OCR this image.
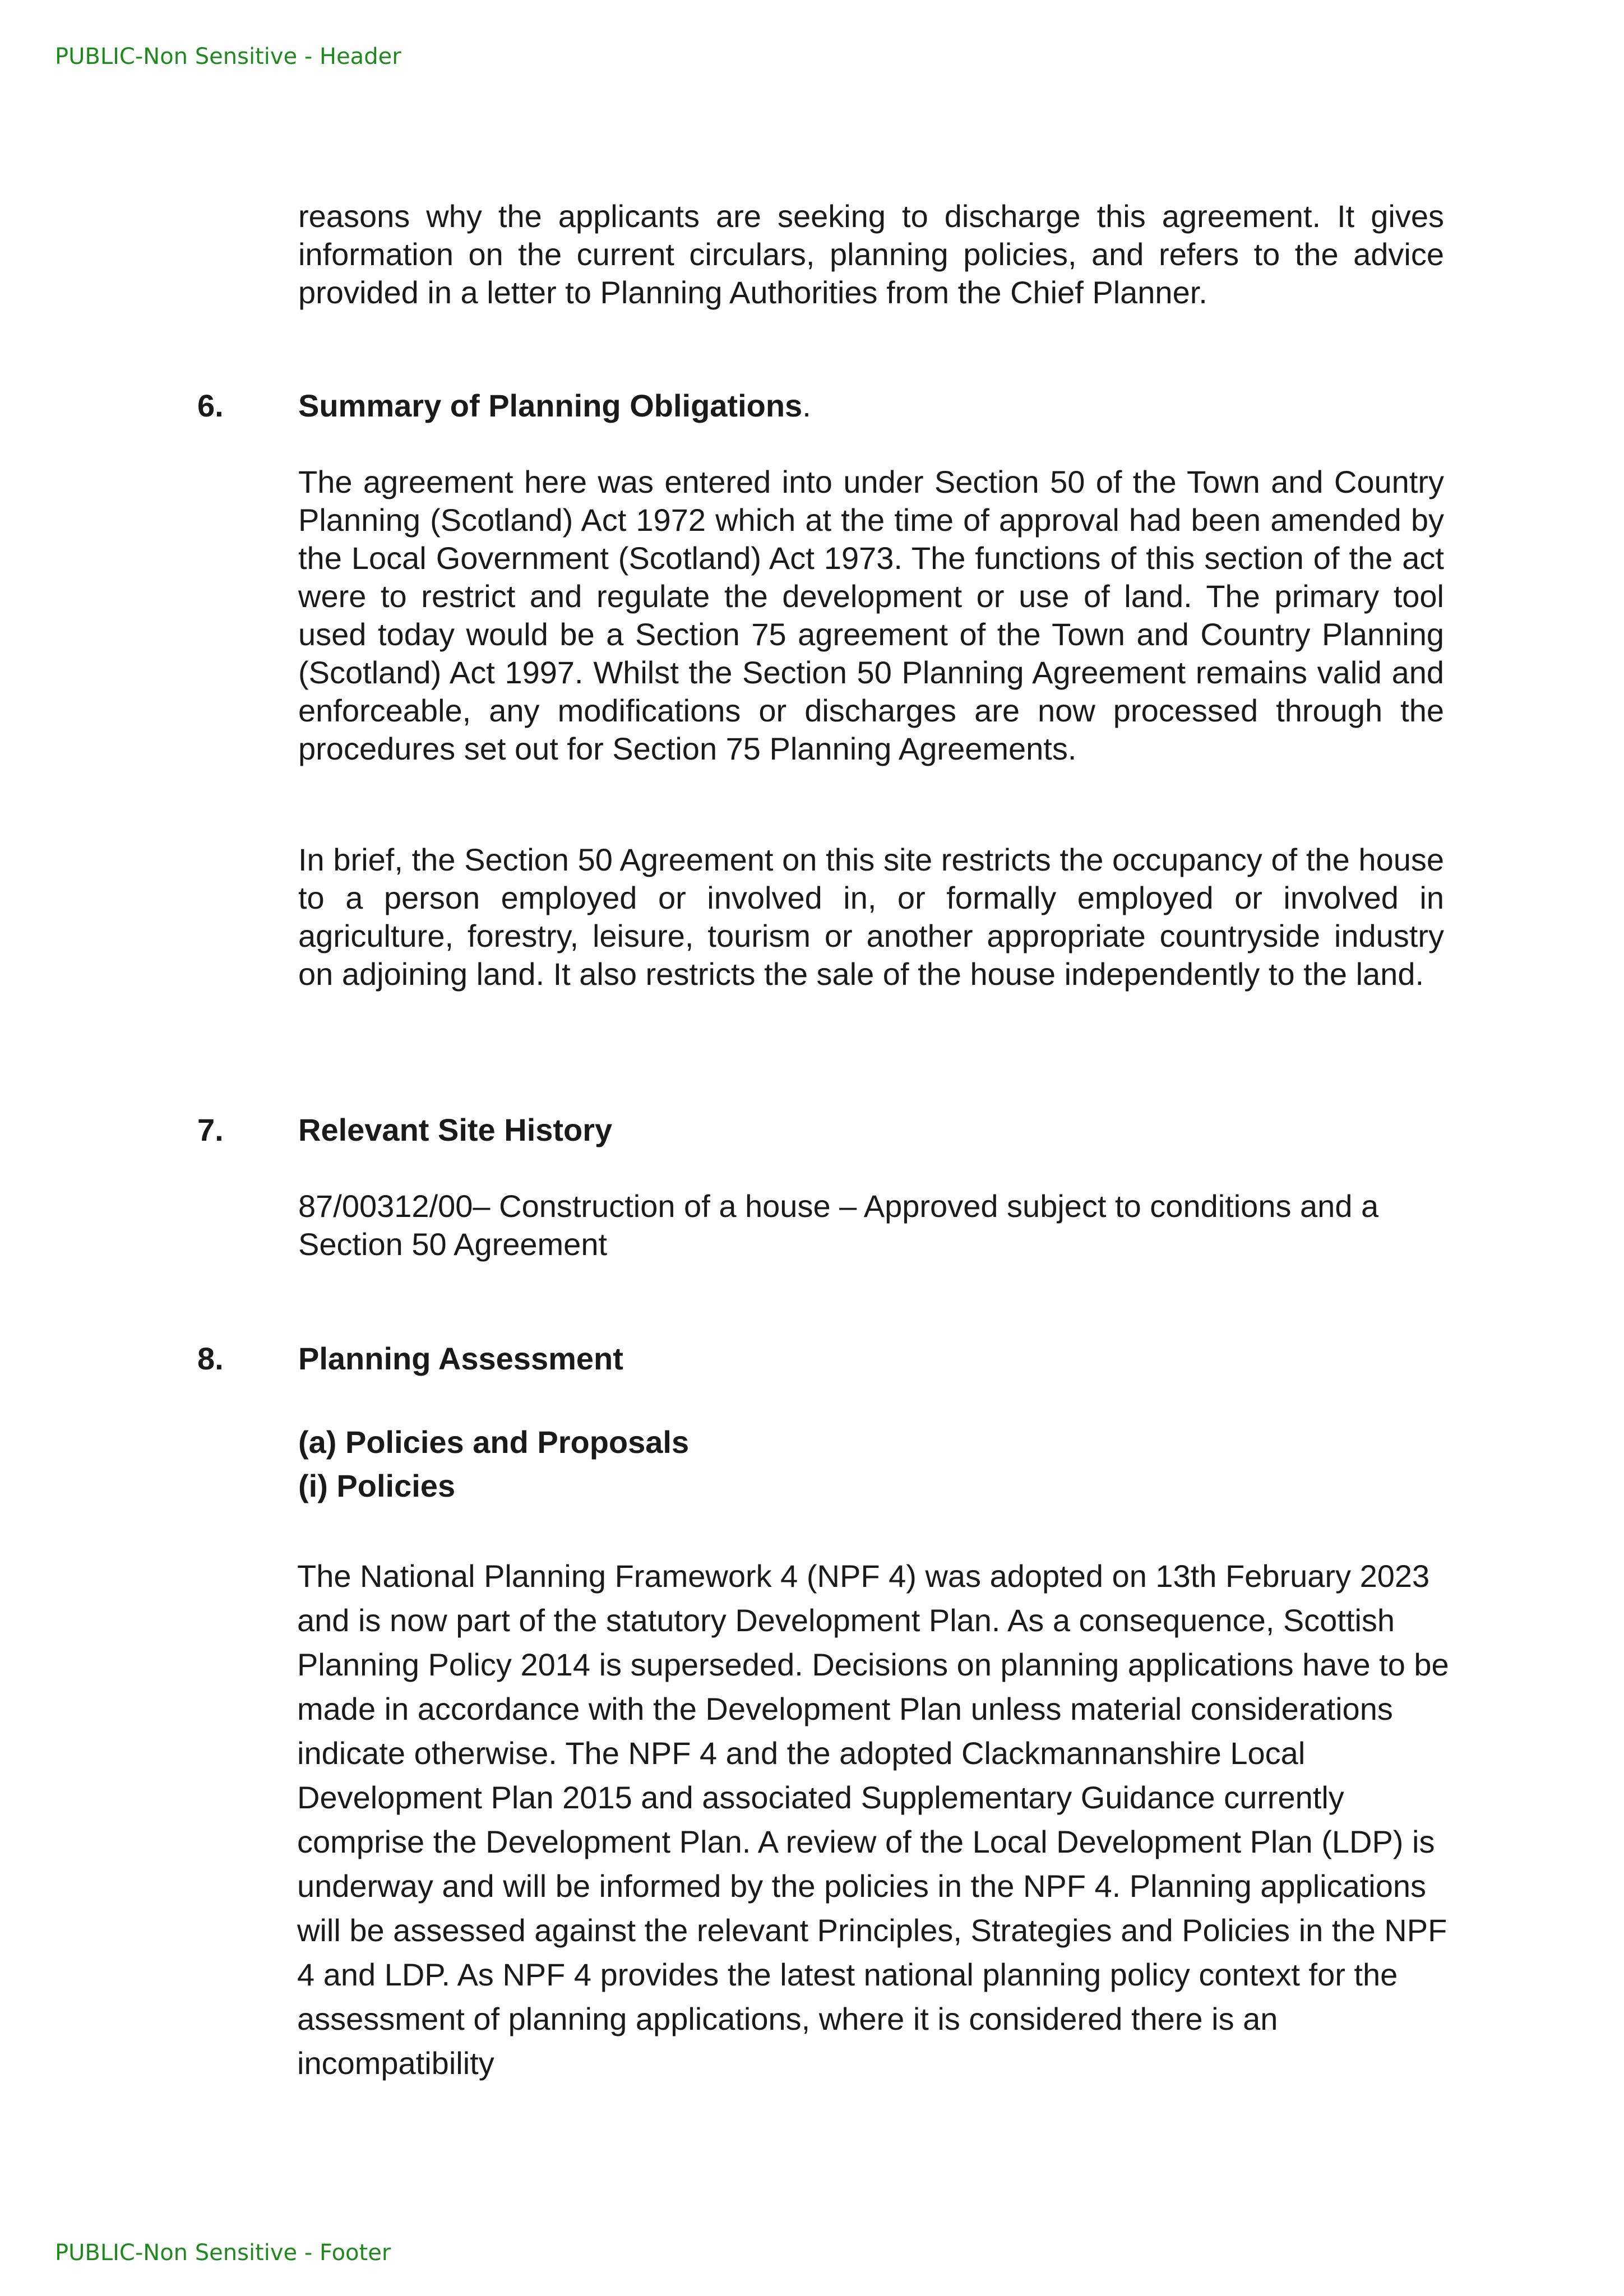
PUBLIC-Non Sensitive - Header

reasons why the applicants are seeking to discharge this agreement. It gives information on the current circulars, planning policies, and refers to the advice provided in a letter to Planning Authorities from the Chief Planner.

6. Summary of Planning Obligations.

The agreement here was entered into under Section 50 of the Town and Country Planning (Scotland) Act 1972 which at the time of approval had been amended by the Local Government (Scotland) Act 1973. The functions of this section of the act were to restrict and regulate the development or use of land. The primary tool used today would be a Section 75 agreement of the Town and Country Planning (Scotland) Act 1997. Whilst the Section 50 Planning Agreement remains valid and enforceable, any modifications or discharges are now processed through the procedures set out for Section 75 Planning Agreements.

In brief, the Section 50 Agreement on this site restricts the occupancy of the house to a person employed or involved in, or formally employed or involved in agriculture, forestry, leisure, tourism or another appropriate countryside industry on adjoining land. It also restricts the sale of the house independently to the land.

7. Relevant Site History

87/00312/00– Construction of a house – Approved subject to conditions and a Section 50 Agreement

8. Planning Assessment
(a) Policies and Proposals
(i) Policies

The National Planning Framework 4 (NPF 4) was adopted on 13th February 2023 and is now part of the statutory Development Plan. As a consequence, Scottish Planning Policy 2014 is superseded. Decisions on planning applications have to be made in accordance with the Development Plan unless material considerations indicate otherwise. The NPF 4 and the adopted Clackmannanshire Local Development Plan 2015 and associated Supplementary Guidance currently comprise the Development Plan. A review of the Local Development Plan (LDP) is underway and will be informed by the policies in the NPF 4. Planning applications will be assessed against the relevant Principles, Strategies and Policies in the NPF 4 and LDP. As NPF 4 provides the latest national planning policy context for the assessment of planning applications, where it is considered there is an incompatibility

PUBLIC-Non Sensitive - Footer
